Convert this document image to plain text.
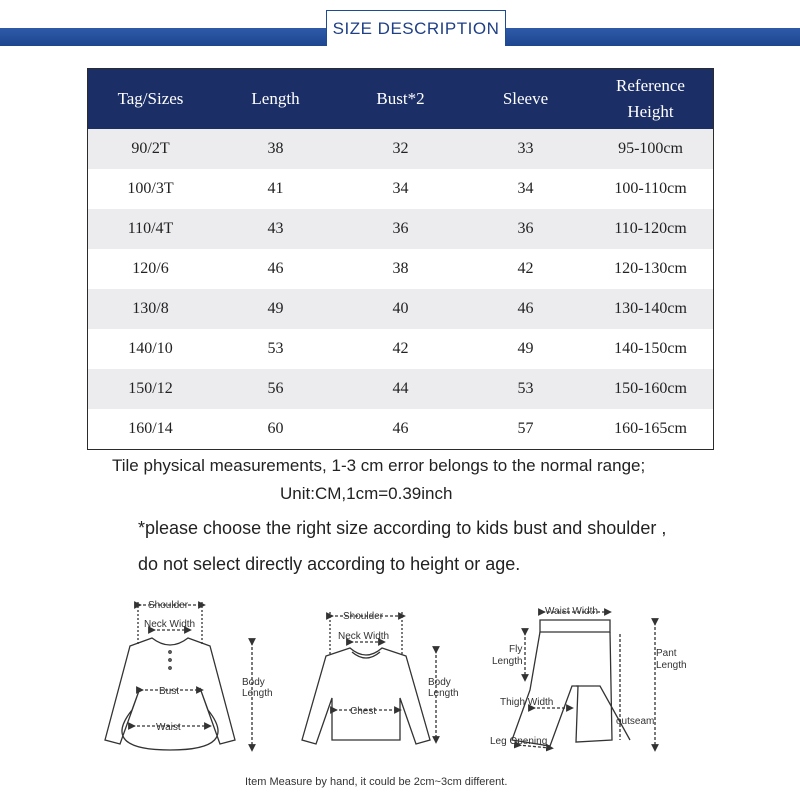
SIZE DESCRIPTION
Tag/Sizes	Length	Bust*2	Sleeve	Reference
Height
90/2T	38	32	33	95-100cm
100/3T	41	34	34	100-110cm
110/4T	43	36	36	110-120cm
120/6	46	38	42	120-130cm
130/8	49	40	46	130-140cm
140/10	53	42	49	140-150cm
150/12	56	44	53	150-160cm
160/14	60	46	57	160-165cm
Tile physical measurements, 1-3 cm error belongs to the normal range;
Unit:CM,1cm=0.39inch
*please choose the right size according to kids bust and shoulder ,
do not select directly according to height or age.
Shoulder
Neck Width
Bust
Waist
Body
Length
Shoulder
Neck Width
Chest
Body
Length
Waist Width
Fly
Length
Thigh Width
Leg Opening
outseam
Pant
Length
Item Measure by hand, it could be 2cm~3cm different.
